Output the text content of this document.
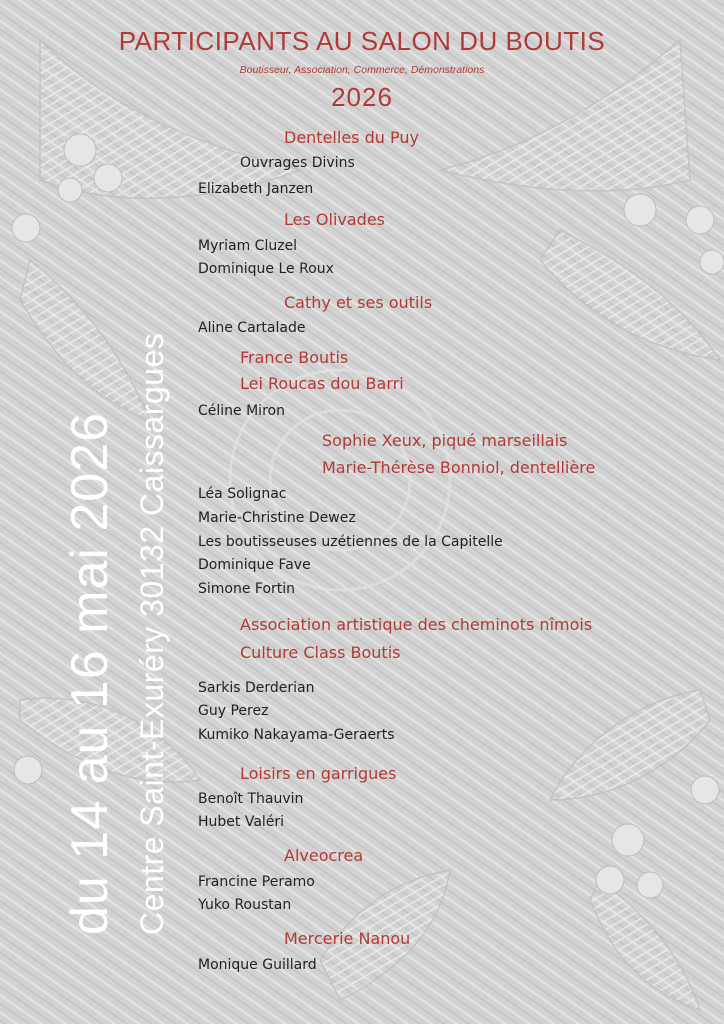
PARTICIPANTS AU SALON DU BOUTIS
Boutisseur, Association, Commerce, Démonstrations
2026
du 14 au 16 mai 2026 Centre Saint-Exuréry 30132 Caissargues
Dentelles du Puy
Ouvrages Divins
Elizabeth Janzen
Les Olivades
Myriam Cluzel
Dominique Le Roux
Cathy et ses outils
Aline Cartalade
France Boutis
Lei Roucas dou Barri
Céline Miron
Sophie Xeux, piqué marseillais
Marie-Thérèse Bonniol, dentellière
Léa Solignac
Marie-Christine Dewez
Les boutisseuses uzétiennes de la Capitelle
Dominique Fave
Simone Fortin
Association artistique des cheminots nîmois
Culture Class Boutis
Sarkis Derderian
Guy Perez
Kumiko Nakayama-Geraerts
Loisirs en garrigues
Benoît Thauvin
Hubet Valéri
Alveocrea
Francine Peramo
Yuko Roustan
Mercerie Nanou
Monique Guillard
